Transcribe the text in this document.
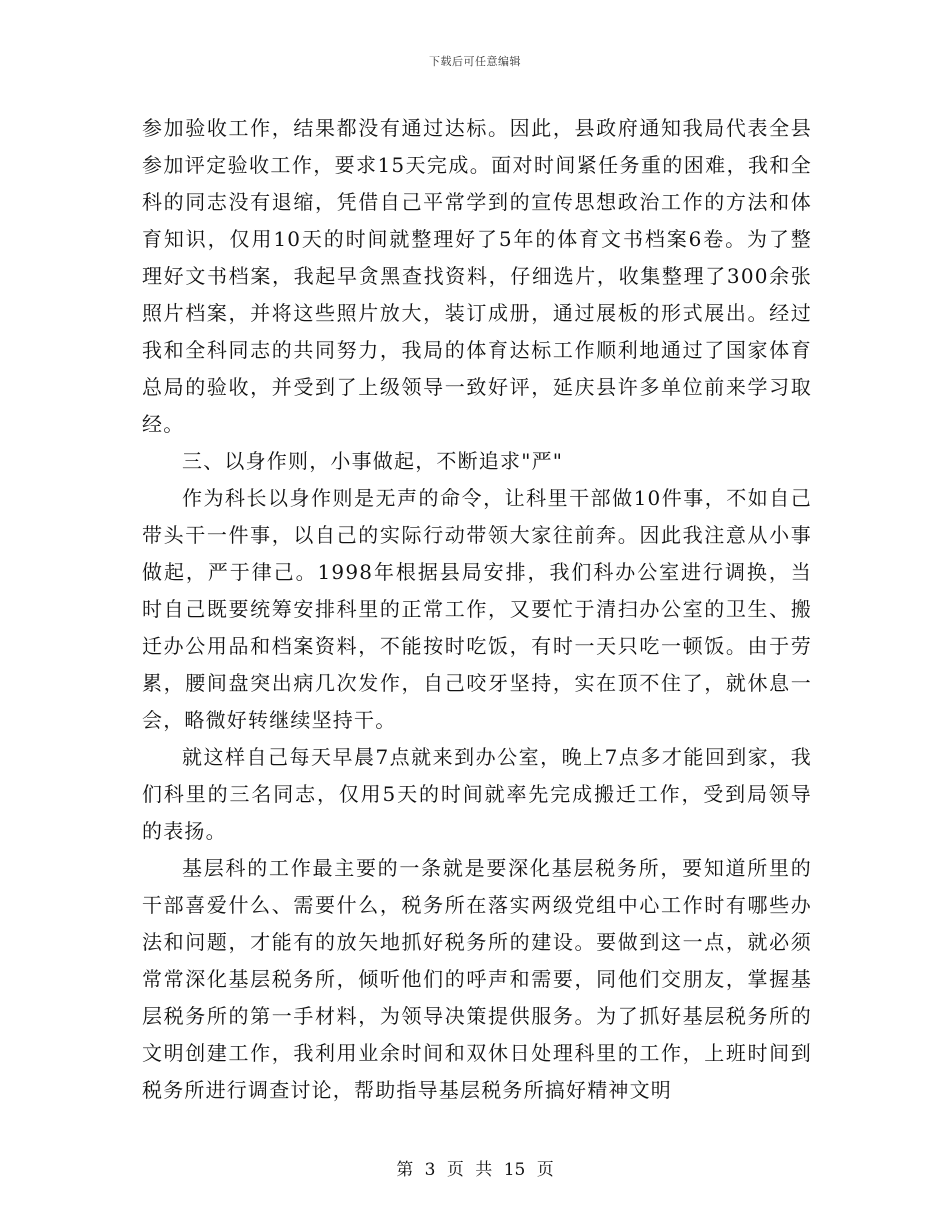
下载后可任意编辑

参加验收工作，结果都没有通过达标。因此，县政府通知我局代表全县参加评定验收工作，要求15天完成。面对时间紧任务重的困难，我和全科的同志没有退缩，凭借自己平常学到的宣传思想政治工作的方法和体育知识，仅用10天的时间就整理好了5年的体育文书档案6卷。为了整理好文书档案，我起早贪黑查找资料，仔细选片，收集整理了300余张照片档案，并将这些照片放大，装订成册，通过展板的形式展出。经过我和全科同志的共同努力，我局的体育达标工作顺利地通过了国家体育总局的验收，并受到了上级领导一致好评，延庆县许多单位前来学习取经。

三、以身作则，小事做起，不断追求"严"

作为科长以身作则是无声的命令，让科里干部做10件事，不如自己带头干一件事，以自己的实际行动带领大家往前奔。因此我注意从小事做起，严于律己。1998年根据县局安排，我们科办公室进行调换，当时自己既要统筹安排科里的正常工作，又要忙于清扫办公室的卫生、搬迁办公用品和档案资料，不能按时吃饭，有时一天只吃一顿饭。由于劳累，腰间盘突出病几次发作，自己咬牙坚持，实在顶不住了，就休息一会，略微好转继续坚持干。

就这样自己每天早晨7点就来到办公室，晚上7点多才能回到家，我们科里的三名同志，仅用5天的时间就率先完成搬迁工作，受到局领导的表扬。

基层科的工作最主要的一条就是要深化基层税务所，要知道所里的干部喜爱什么、需要什么，税务所在落实两级党组中心工作时有哪些办法和问题，才能有的放矢地抓好税务所的建设。要做到这一点，就必须常常深化基层税务所，倾听他们的呼声和需要，同他们交朋友，掌握基层税务所的第一手材料，为领导决策提供服务。为了抓好基层税务所的文明创建工作，我利用业余时间和双休日处理科里的工作，上班时间到税务所进行调查讨论，帮助指导基层税务所搞好精神文明

第 3 页 共 15 页
